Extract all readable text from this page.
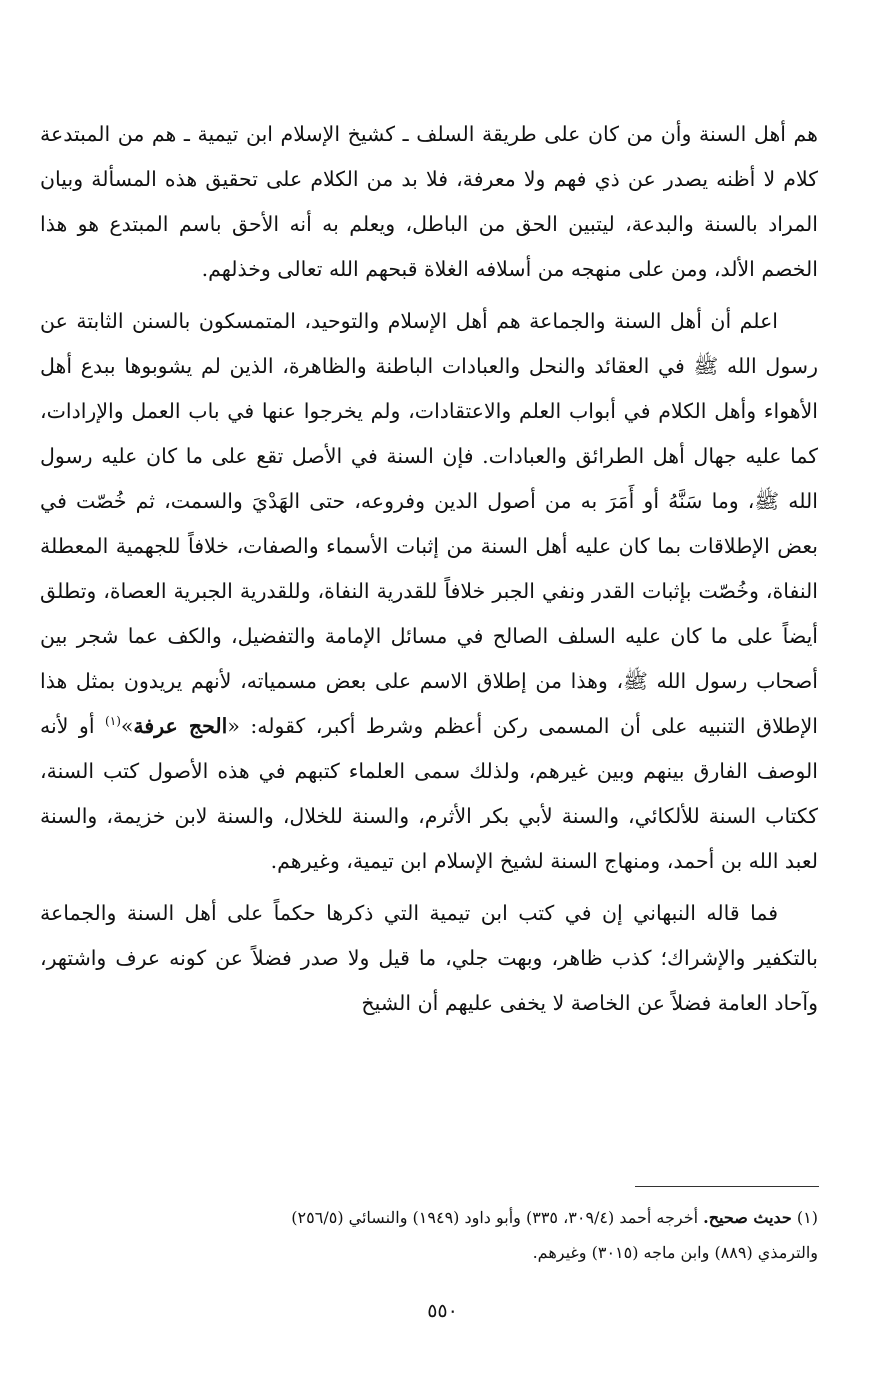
هم أهل السنة وأن من كان على طريقة السلف ـ كشيخ الإسلام ابن تيمية ـ هم من المبتدعة كلام لا أظنه يصدر عن ذي فهم ولا معرفة، فلا بد من الكلام على تحقيق هذه المسألة وبيان المراد بالسنة والبدعة، ليتبين الحق من الباطل، ويعلم به أنه الأحق باسم المبتدع هو هذا الخصم الألد، ومن على منهجه من أسلافه الغلاة قبحهم الله تعالى وخذلهم.

اعلم أن أهل السنة والجماعة هم أهل الإسلام والتوحيد، المتمسكون بالسنن الثابتة عن رسول الله ﷺ في العقائد والنحل والعبادات الباطنة والظاهرة، الذين لم يشوبوها ببدع أهل الأهواء وأهل الكلام في أبواب العلم والاعتقادات، ولم يخرجوا عنها في باب العمل والإرادات، كما عليه جهال أهل الطرائق والعبادات. فإن السنة في الأصل تقع على ما كان عليه رسول الله ﷺ، وما سَنَّهُ أو أَمَرَ به من أصول الدين وفروعه، حتى الهَدْيَ والسمت، ثم خُصّت في بعض الإطلاقات بما كان عليه أهل السنة من إثبات الأسماء والصفات، خلافاً للجهمية المعطلة النفاة، وخُصّت بإثبات القدر ونفي الجبر خلافاً للقدرية النفاة، وللقدرية الجبرية العصاة، وتطلق أيضاً على ما كان عليه السلف الصالح في مسائل الإمامة والتفضيل، والكف عما شجر بين أصحاب رسول الله ﷺ، وهذا من إطلاق الاسم على بعض مسمياته، لأنهم يريدون بمثل هذا الإطلاق التنبيه على أن المسمى ركن أعظم وشرط أكبر، كقوله: «الحج عرفة»$^{(١)}$ أو لأنه الوصف الفارق بينهم وبين غيرهم، ولذلك سمى العلماء كتبهم في هذه الأصول كتب السنة، ككتاب السنة للألكائي، والسنة لأبي بكر الأثرم، والسنة للخلال، والسنة لابن خزيمة، والسنة لعبد الله بن أحمد، ومنهاج السنة لشيخ الإسلام ابن تيمية، وغيرهم.

فما قاله النبهاني إن في كتب ابن تيمية التي ذكرها حكماً على أهل السنة والجماعة بالتكفير والإشراك؛ كذب ظاهر، وبهت جلي، ما قيل ولا صدر فضلاً عن كونه عرف واشتهر، وآحاد العامة فضلاً عن الخاصة لا يخفى عليهم أن الشيخ

(١) حديث صحيح. أخرجه أحمد (٣٠٩/٤، ٣٣٥) وأبو داود (١٩٤٩) والنسائي (٢٥٦/٥)

والترمذي (٨٨٩) وابن ماجه (٣٠١٥) وغيرهم.

٥٥٠
